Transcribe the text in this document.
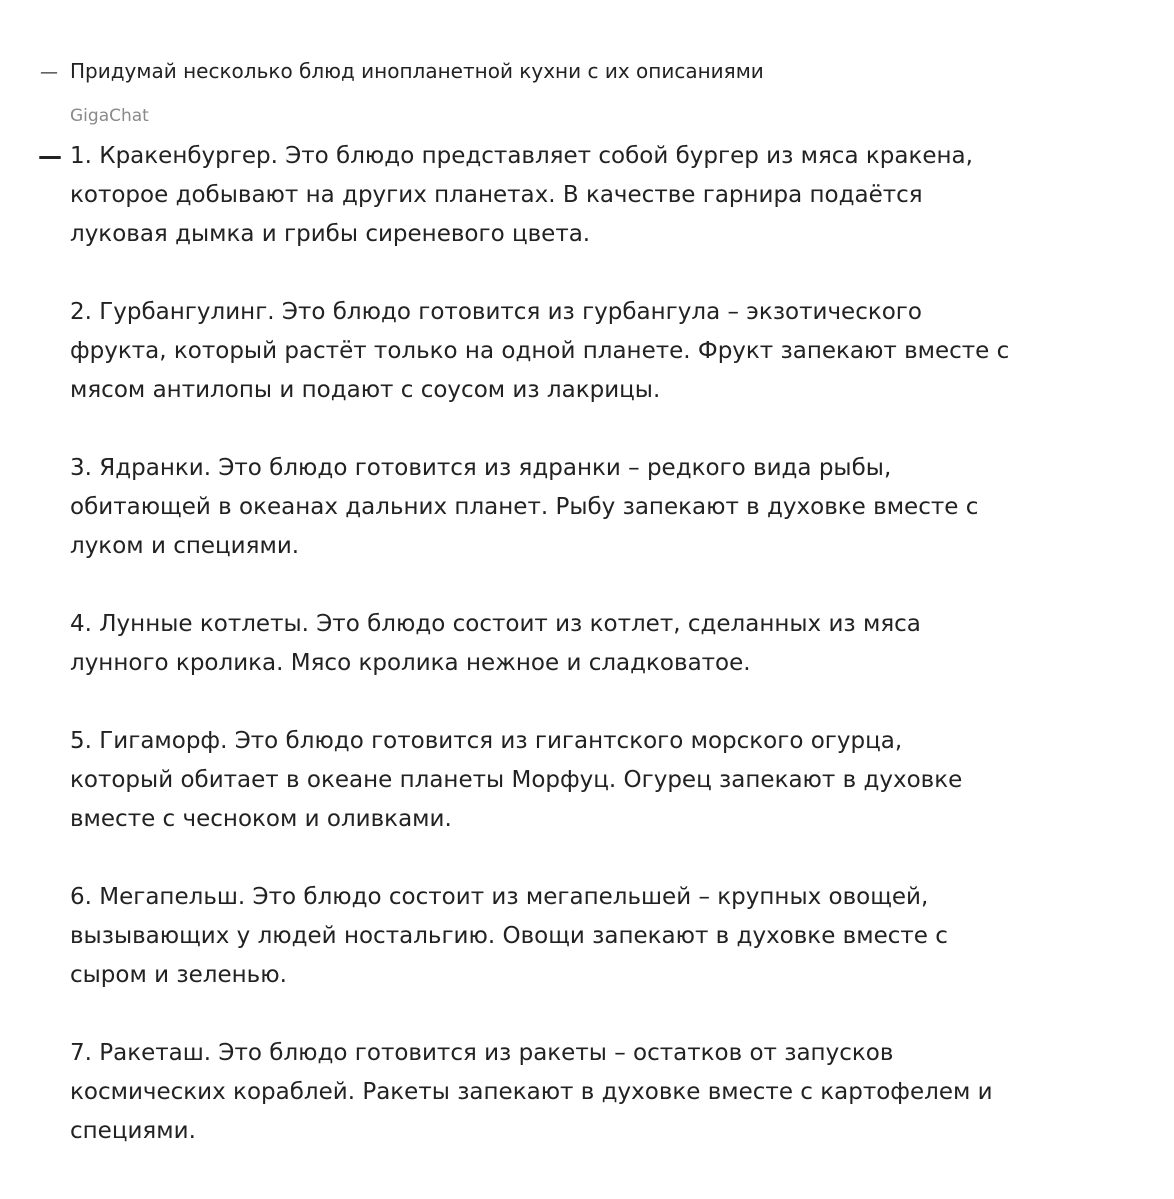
— Придумай несколько блюд инопланетной кухни с их описаниями
GigaChat
— 1. Кракенбургер. Это блюдо представляет собой бургер из мяса кракена,
которое добывают на других планетах. В качестве гарнира подаётся
луковая дымка и грибы сиреневого цвета.
2. Гурбангулинг. Это блюдо готовится из гурбангула – экзотического
фрукта, который растёт только на одной планете. Фрукт запекают вместе с
мясом антилопы и подают с соусом из лакрицы.
3. Ядранки. Это блюдо готовится из ядранки – редкого вида рыбы,
обитающей в океанах дальних планет. Рыбу запекают в духовке вместе с
луком и специями.
4. Лунные котлеты. Это блюдо состоит из котлет, сделанных из мяса
лунного кролика. Мясо кролика нежное и сладковатое.
5. Гигаморф. Это блюдо готовится из гигантского морского огурца,
который обитает в океане планеты Морфуц. Огурец запекают в духовке
вместе с чесноком и оливками.
6. Мегапельш. Это блюдо состоит из мегапельшей – крупных овощей,
вызывающих у людей ностальгию. Овощи запекают в духовке вместе с
сыром и зеленью.
7. Ракеташ. Это блюдо готовится из ракеты – остатков от запусков
космических кораблей. Ракеты запекают в духовке вместе с картофелем и
специями.
